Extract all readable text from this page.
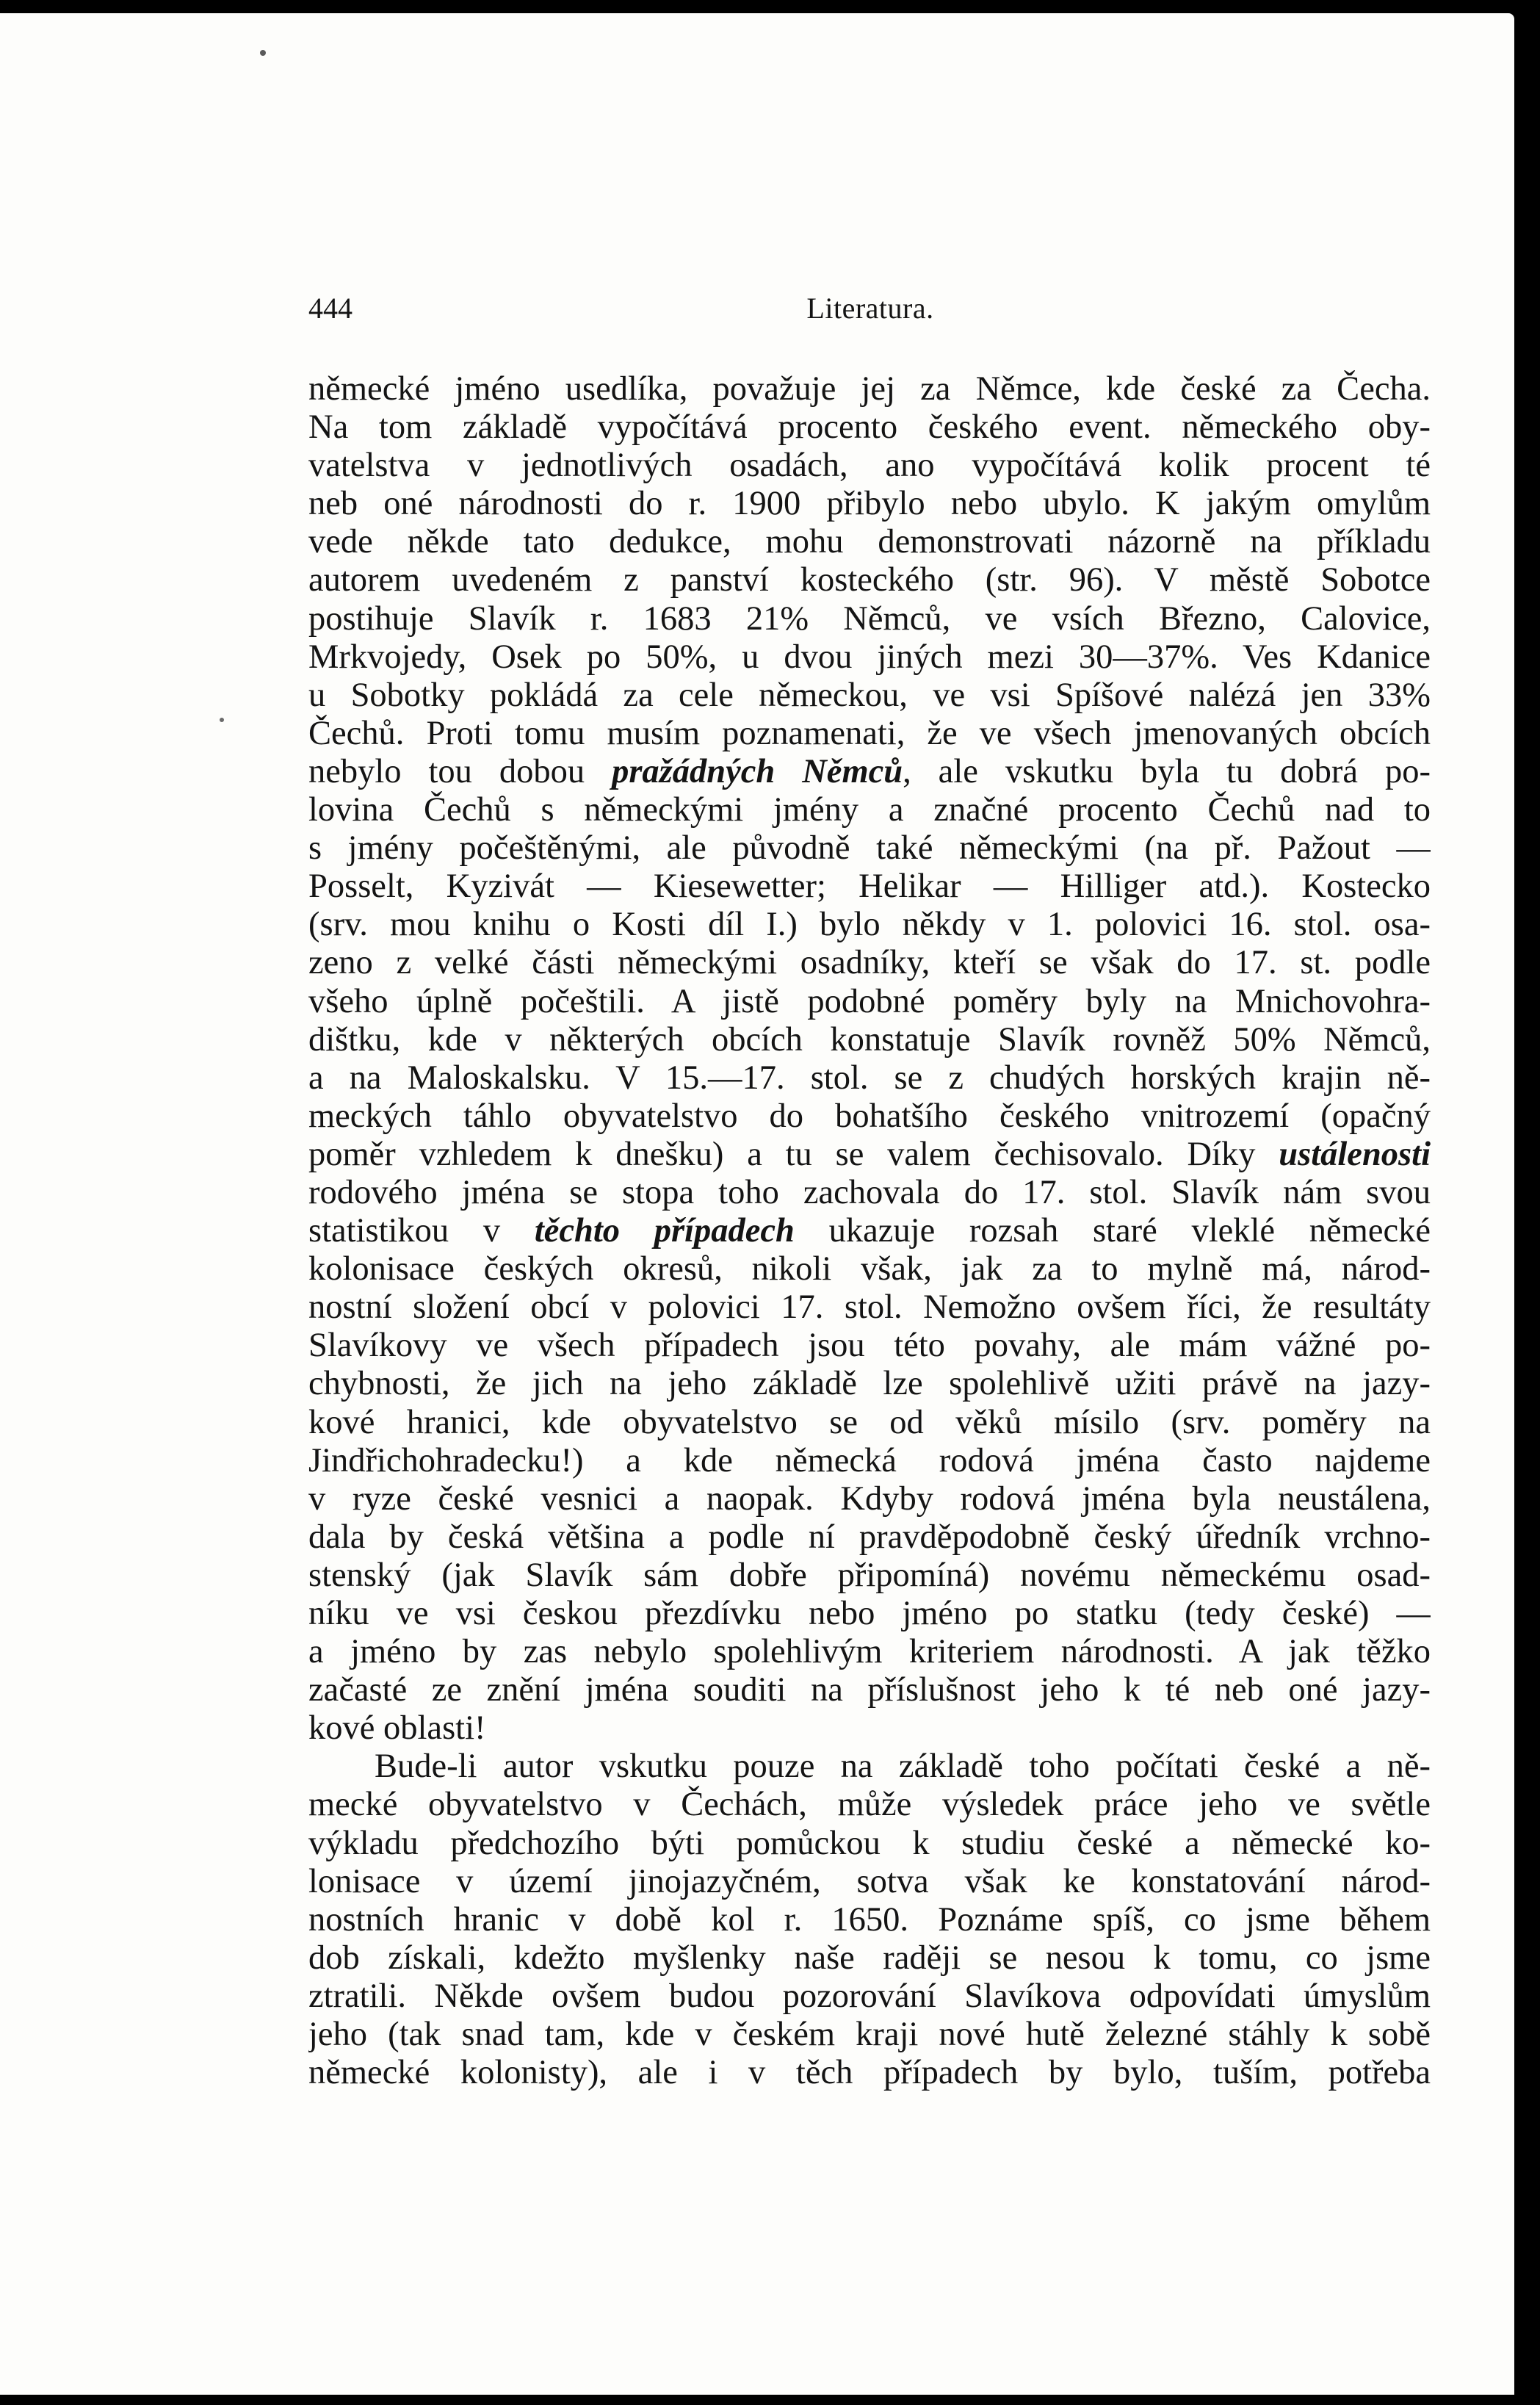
444	Literatura.
německé jméno usedlíka, považuje jej za Němce, kde české za Čecha.
Na tom základě vypočítává procento českého event. německého oby-
vatelstva v jednotlivých osadách, ano vypočítává kolik procent té
neb oné národnosti do r. 1900 přibylo nebo ubylo. K jakým omylům
vede někde tato dedukce, mohu demonstrovati názorně na příkladu
autorem uvedeném z panství kosteckého (str. 96). V městě Sobotce
postihuje Slavík r. 1683 21% Němců, ve vsích Březno, Calovice,
Mrkvojedy, Osek po 50%, u dvou jiných mezi 30—37%. Ves Kdanice
u Sobotky pokládá za cele německou, ve vsi Spíšové nalézá jen 33%
Čechů. Proti tomu musím poznamenati, že ve všech jmenovaných obcích
nebylo tou dobou pražádných Němců, ale vskutku byla tu dobrá po-
lovina Čechů s německými jmény a značné procento Čechů nad to
s jmény počeštěnými, ale původně také německými (na př. Pažout —
Posselt, Kyzivát — Kiesewetter; Helikar — Hilliger atd.). Kostecko
(srv. mou knihu o Kosti díl I.) bylo někdy v 1. polovici 16. stol. osa-
zeno z velké části německými osadníky, kteří se však do 17. st. podle
všeho úplně počeštili. A jistě podobné poměry byly na Mnichovohra-
dištku, kde v některých obcích konstatuje Slavík rovněž 50% Němců,
a na Maloskalsku. V 15.—17. stol. se z chudých horských krajin ně-
meckých táhlo obyvatelstvo do bohatšího českého vnitrozemí (opačný
poměr vzhledem k dnešku) a tu se valem čechisovalo. Díky ustálenosti
rodového jména se stopa toho zachovala do 17. stol. Slavík nám svou
statistikou v těchto případech ukazuje rozsah staré vleklé německé
kolonisace českých okresů, nikoli však, jak za to mylně má, národ-
nostní složení obcí v polovici 17. stol. Nemožno ovšem říci, že resultáty
Slavíkovy ve všech případech jsou této povahy, ale mám vážné po-
chybnosti, že jich na jeho základě lze spolehlivě užiti právě na jazy-
kové hranici, kde obyvatelstvo se od věků mísilo (srv. poměry na
Jindřichohradecku!) a kde německá rodová jména často najdeme
v ryze české vesnici a naopak. Kdyby rodová jména byla neustálena,
dala by česká většina a podle ní pravděpodobně český úředník vrchno-
stenský (jak Slavík sám dobře připomíná) novému německému osad-
níku ve vsi českou přezdívku nebo jméno po statku (tedy české) —
a jméno by zas nebylo spolehlivým kriteriem národnosti. A jak těžko
začasté ze znění jména souditi na příslušnost jeho k té neb oné jazy-
kové oblasti!
Bude-li autor vskutku pouze na základě toho počítati české a ně-
mecké obyvatelstvo v Čechách, může výsledek práce jeho ve světle
výkladu předchozího býti pomůckou k studiu české a německé ko-
lonisace v území jinojazyčném, sotva však ke konstatování národ-
nostních hranic v době kol r. 1650. Poznáme spíš, co jsme během
dob získali, kdežto myšlenky naše raději se nesou k tomu, co jsme
ztratili. Někde ovšem budou pozorování Slavíkova odpovídati úmyslům
jeho (tak snad tam, kde v českém kraji nové hutě železné stáhly k sobě
německé kolonisty), ale i v těch případech by bylo, tuším, potřeba
